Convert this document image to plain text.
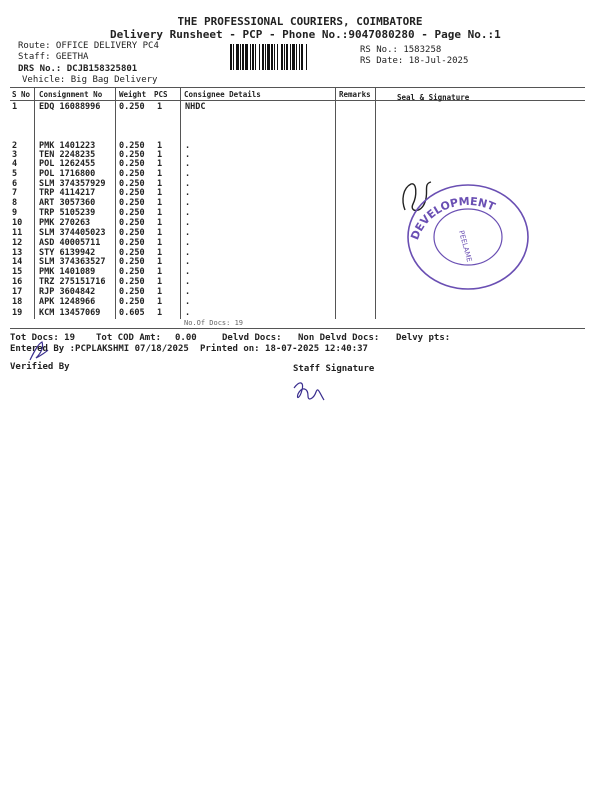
THE PROFESSIONAL COURIERS, COIMBATORE
Delivery Runsheet - PCP - Phone No.:9047080280 - Page No.:1
Route: OFFICE DELIVERY PC4
Staff: GEETHA
DRS No.: DCJB158325801
Vehicle: Big Bag Delivery
RS No.: 1583258
RS Date: 18-Jul-2025
S No Consignment No Weight PCS Consignee Details	Remarks	Seal & Signature
1	EDQ 16088996 0.250 1	NHDC
2	PMK 1401223	0.250 1	.
3	TEN 2248235	0.250 1	.
4	POL 1262455	0.250 1	.
5	POL 1716800	0.250 1	.
6	SLM 374357929 0.250 1	.
7	TRP 4114217	0.250 1	.
8	ART 3057360	0.250 1	.
9	TRP 5105239	0.250 1	.
10 PMK 270263	0.250 1	.
11 SLM 374405023 0.250 1	.
12 ASD 40005711 0.250 1	.
13 STY 6139942	0.250 1	.
14 SLM 374363527 0.250 1	.
15 PMK 1401089	0.250 1	.
16 TRZ 275151716 0.250 1	.
17 RJP 3604842	0.250 1	.
18 APK 1248966	0.250 1	.
19 KCM 13457069 0.605 1	.
No.Of Docs: 19
Tot Docs: 19 Tot COD Amt: 0.00	Delvd Docs: Non Delvd Docs: Delvy pts:
Entered By :PCPLAKSHMI 07/18/2025 Printed on: 18-07-2025 12:40:37
Verified By	Staff Signature
DEVELOPMENT
PEELAME
